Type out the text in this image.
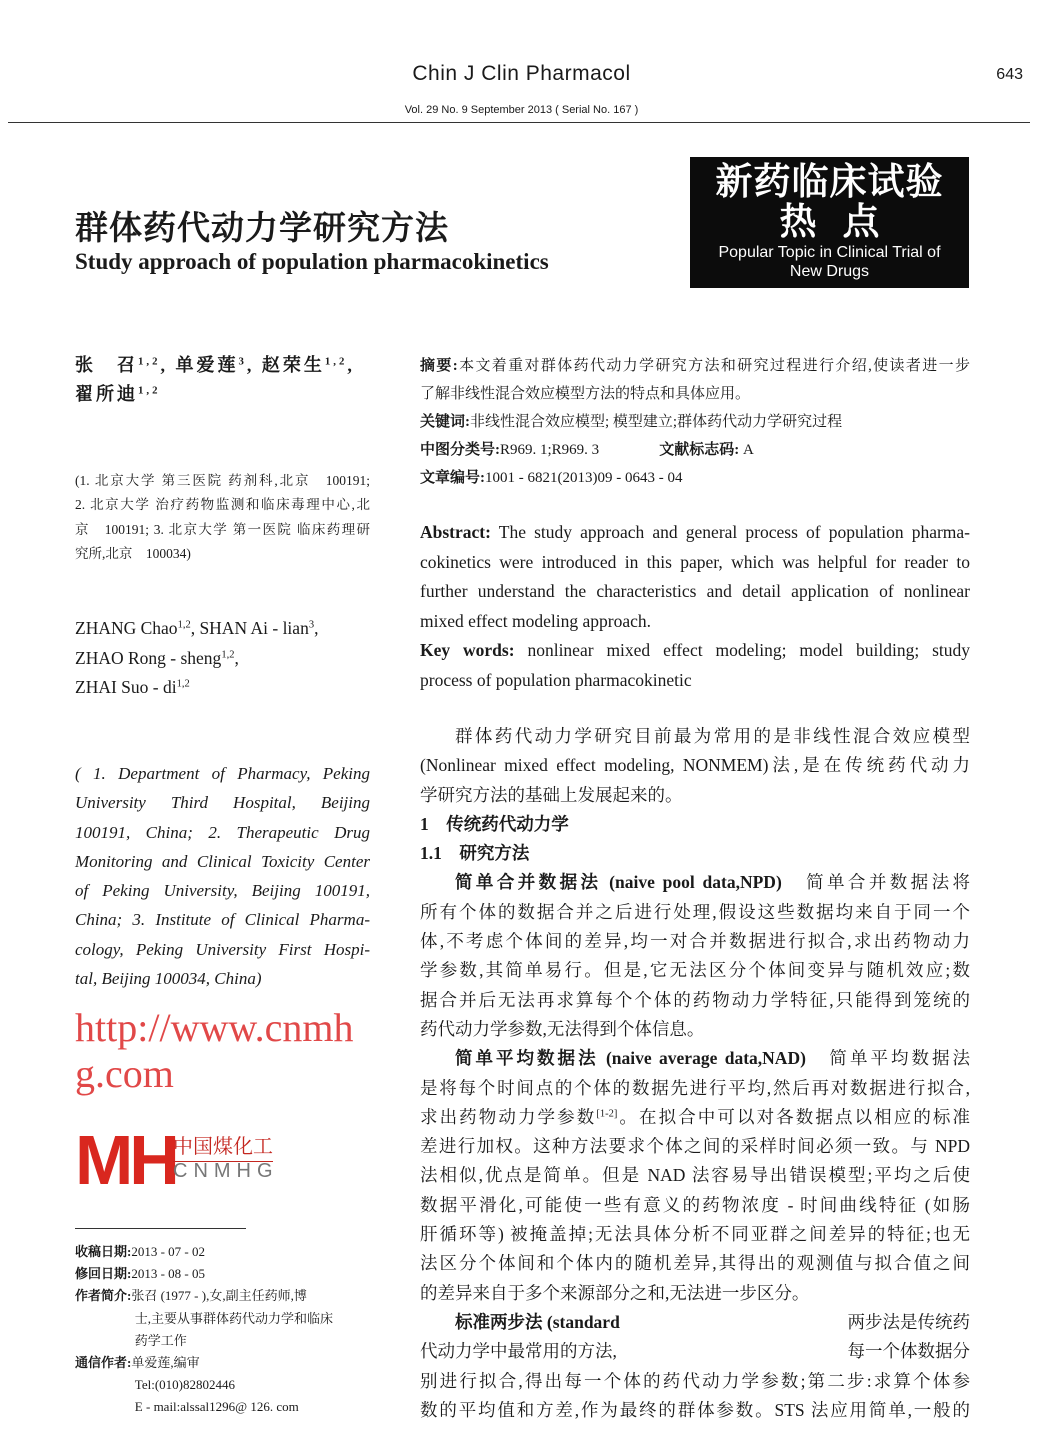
Chin J Clin Pharmacol	643
Vol. 29 No. 9 September 2013 ( Serial No. 167 )
群体药代动力学研究方法
Study approach of population pharmacokinetics
新药临床试验
热点
Popular Topic in Clinical Trial of
New Drugs
张　召$^{1,2}$, 单爱莲$^3$, 赵荣生$^{1,2}$,
翟所迪$^{1,2}$
(1. 北京大学 第三医院 药剂科,北京　100191;
2. 北京大学 治疗药物监测和临床毒理中心,北
京　100191; 3. 北京大学 第一医院 临床药理研
究所,北京　100034)
ZHANG Chao$^{1,2}$, SHAN Ai - lian$^3$,
ZHAO Rong - sheng$^{1,2}$,
ZHAI Suo - di$^{1,2}$
( 1. Department of Pharmacy, Peking
University Third Hospital, Beijing
100191, China; 2. Therapeutic Drug
Monitoring and Clinical Toxicity Center
of Peking University, Beijing 100191,
China; 3. Institute of Clinical Pharma-
cology, Peking University First Hospi-
tal, Beijing 100034, China)
收稿日期:2013 - 07 - 02
修回日期:2013 - 08 - 05
作者简介:张召 (1977 - ),女,副主任药师,博
士,主要从事群体药代动力学和临床
药学工作
通信作者:单爱莲,编审
Tel:(010)82802446
E - mail:alssal1296@ 126. com
摘要:本文着重对群体药代动力学研究方法和研究过程进行介绍,使读者进一步
了解非线性混合效应模型方法的特点和具体应用。
关键词:非线性混合效应模型; 模型建立;群体药代动力学研究过程
中图分类号:R969. 1;R969. 3　　　　文献标志码: A
文章编号:1001 - 6821(2013)09 - 0643 - 04
Abstract: The study approach and general process of population pharma-
cokinetics were introduced in this paper, which was helpful for reader to
further understand the characteristics and detail application of nonlinear
mixed effect modeling approach.
Key words: nonlinear mixed effect modeling; model building; study
process of population pharmacokinetic
群体药代动力学研究目前最为常用的是非线性混合效应模型
(Nonlinear mixed effect modeling, NONMEM)法,是在传统药代动力
学研究方法的基础上发展起来的。
1　传统药代动力学
1.1　研究方法
简单合并数据法 (naive pool data,NPD)　简单合并数据法将
所有个体的数据合并之后进行处理,假设这些数据均来自于同一个
体,不考虑个体间的差异,均一对合并数据进行拟合,求出药物动力
学参数,其简单易行。但是,它无法区分个体间变异与随机效应;数
据合并后无法再求算每个个体的药物动力学特征,只能得到笼统的
药代动力学参数,无法得到个体信息。
简单平均数据法 (naive average data,NAD)　简单平均数据法
是将每个时间点的个体的数据先进行平均,然后再对数据进行拟合,
求出药物动力学参数[1-2]。在拟合中可以对各数据点以相应的标准
差进行加权。这种方法要求个体之间的采样时间必须一致。与 NPD
法相似,优点是简单。但是 NAD 法容易导出错误模型;平均之后使
数据平滑化,可能使一些有意义的药物浓度 - 时间曲线特征 (如肠
肝循环等) 被掩盖掉;无法具体分析不同亚群之间差异的特征;也无
法区分个体间和个体内的随机差异,其得出的观测值与拟合值之间
的差异来自于多个来源部分之和,无法进一步区分。
标准两步法 (standard	两步法是传统药
代动力学中最常用的方法,	每一个体数据分
别进行拟合,得出每一个体的药代动力学参数;第二步:求算个体参
数的平均值和方差,作为最终的群体参数。STS 法应用简单,一般的
http://www.cnmhg.com
MH
中国煤化工
CNMHG
